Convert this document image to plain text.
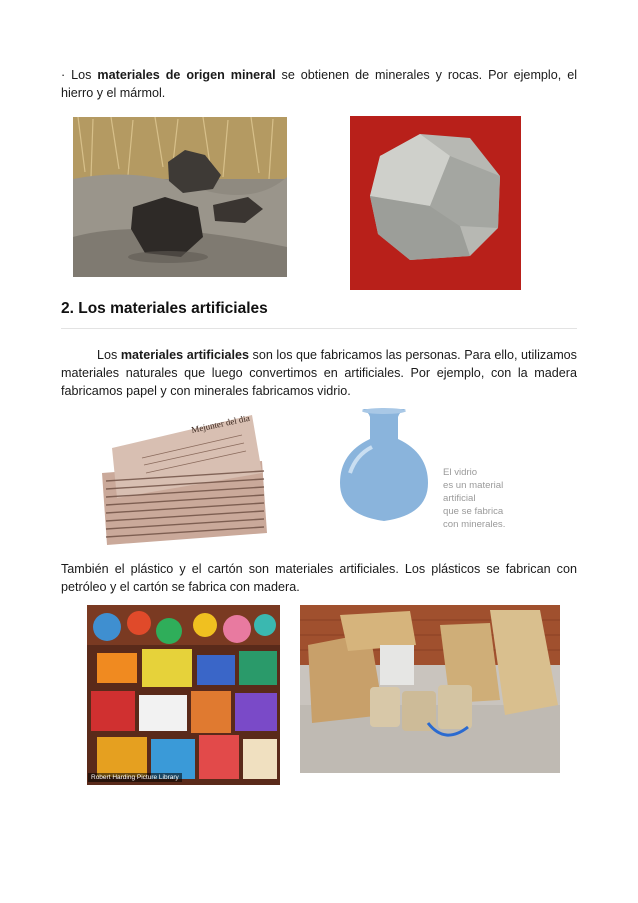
· Los materiales de origen mineral se obtienen de minerales y rocas. Por ejemplo, el hierro y el mármol.

2. Los materiales artificiales

Los materiales artificiales son los que fabricamos las personas. Para ello, utilizamos materiales naturales que luego convertimos en artificiales. Por ejemplo, con la madera fabricamos papel y con minerales fabricamos vidrio.

Mejunter del dia
El vidrio
es un material
artificial
que se fabrica
con minerales.

También el plástico y el cartón son materiales artificiales. Los plásticos se fabrican con petróleo y el cartón se fabrica con madera.

Robert Harding Picture Library
